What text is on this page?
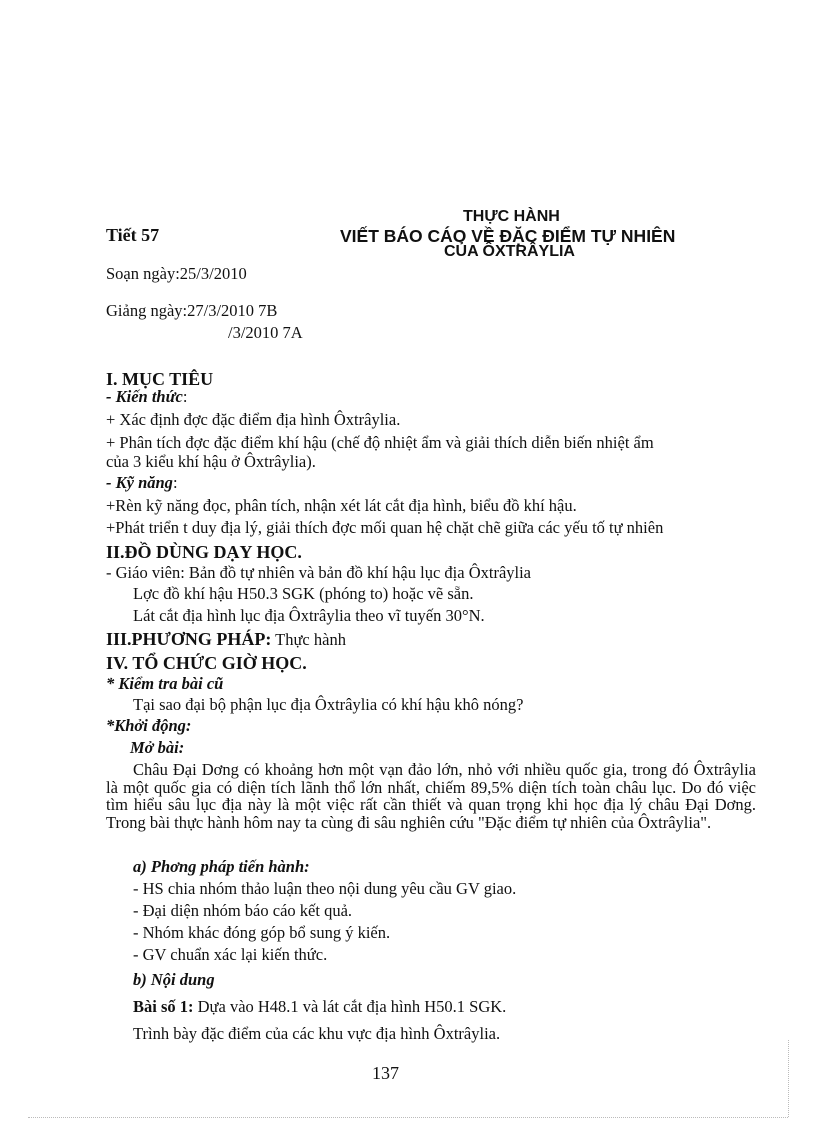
Tiết 57
THỰC HÀNH
VIẾT BÁO CÁO VỀ ĐẶC ĐIỂM TỰ NHIÊN
CỦA ÔXTRÂYLIA
Soạn ngày:25/3/2010
Giảng ngày:27/3/2010 7B
/3/2010 7A
I. MỤC TIÊU
- Kiến thức:
+ Xác định đợc đặc điểm địa hình Ôxtrâylia.
+ Phân tích đợc đặc điểm khí hậu (chế độ nhiệt ẩm và giải thích diễn biến nhiệt ẩm
của 3 kiểu khí hậu ở Ôxtrâylia).
- Kỹ năng:
+Rèn kỹ năng đọc, phân tích, nhận xét lát cắt địa hình, biểu đồ khí hậu.
+Phát triển t duy địa lý, giải thích đợc mối quan hệ chặt chẽ giữa các yếu tố tự nhiên
II.ĐỒ DÙNG DẠY HỌC.
- Giáo viên: Bản đồ tự nhiên và bản đồ khí hậu lục địa Ôxtrâylia
Lợc đồ khí hậu H50.3 SGK (phóng to) hoặc vẽ sẵn.
Lát cắt địa hình lục địa Ôxtrâylia theo vĩ tuyến 30°N.
III.PHƯƠNG PHÁP: Thực hành
IV. TỔ CHỨC GIỜ HỌC.
* Kiểm tra bài cũ
Tại sao đại bộ phận lục địa Ôxtrâylia có khí hậu khô nóng?
*Khởi động:
Mở bài:
Châu Đại Dơng có khoảng hơn một vạn đảo lớn, nhỏ với nhiều quốc gia, trong đó Ôxtrâylia là một quốc gia có diện tích lãnh thổ lớn nhất, chiếm 89,5% diện tích toàn châu lục. Do đó việc tìm hiểu sâu lục địa này là một việc rất cần thiết và quan trọng khi học địa lý châu Đại Dơng. Trong bài thực hành hôm nay ta cùng đi sâu nghiên cứu "Đặc điểm tự nhiên của Ôxtrâylia".
a) Phơng pháp tiến hành:
- HS chia nhóm thảo luận theo nội dung yêu cầu GV giao.
- Đại diện nhóm báo cáo kết quả.
- Nhóm khác đóng góp bổ sung ý kiến.
- GV chuẩn xác lại kiến thức.
b) Nội dung
Bài số 1: Dựa vào H48.1 và lát cắt địa hình H50.1 SGK.
Trình bày đặc điểm của các khu vực địa hình Ôxtrâylia.
137
